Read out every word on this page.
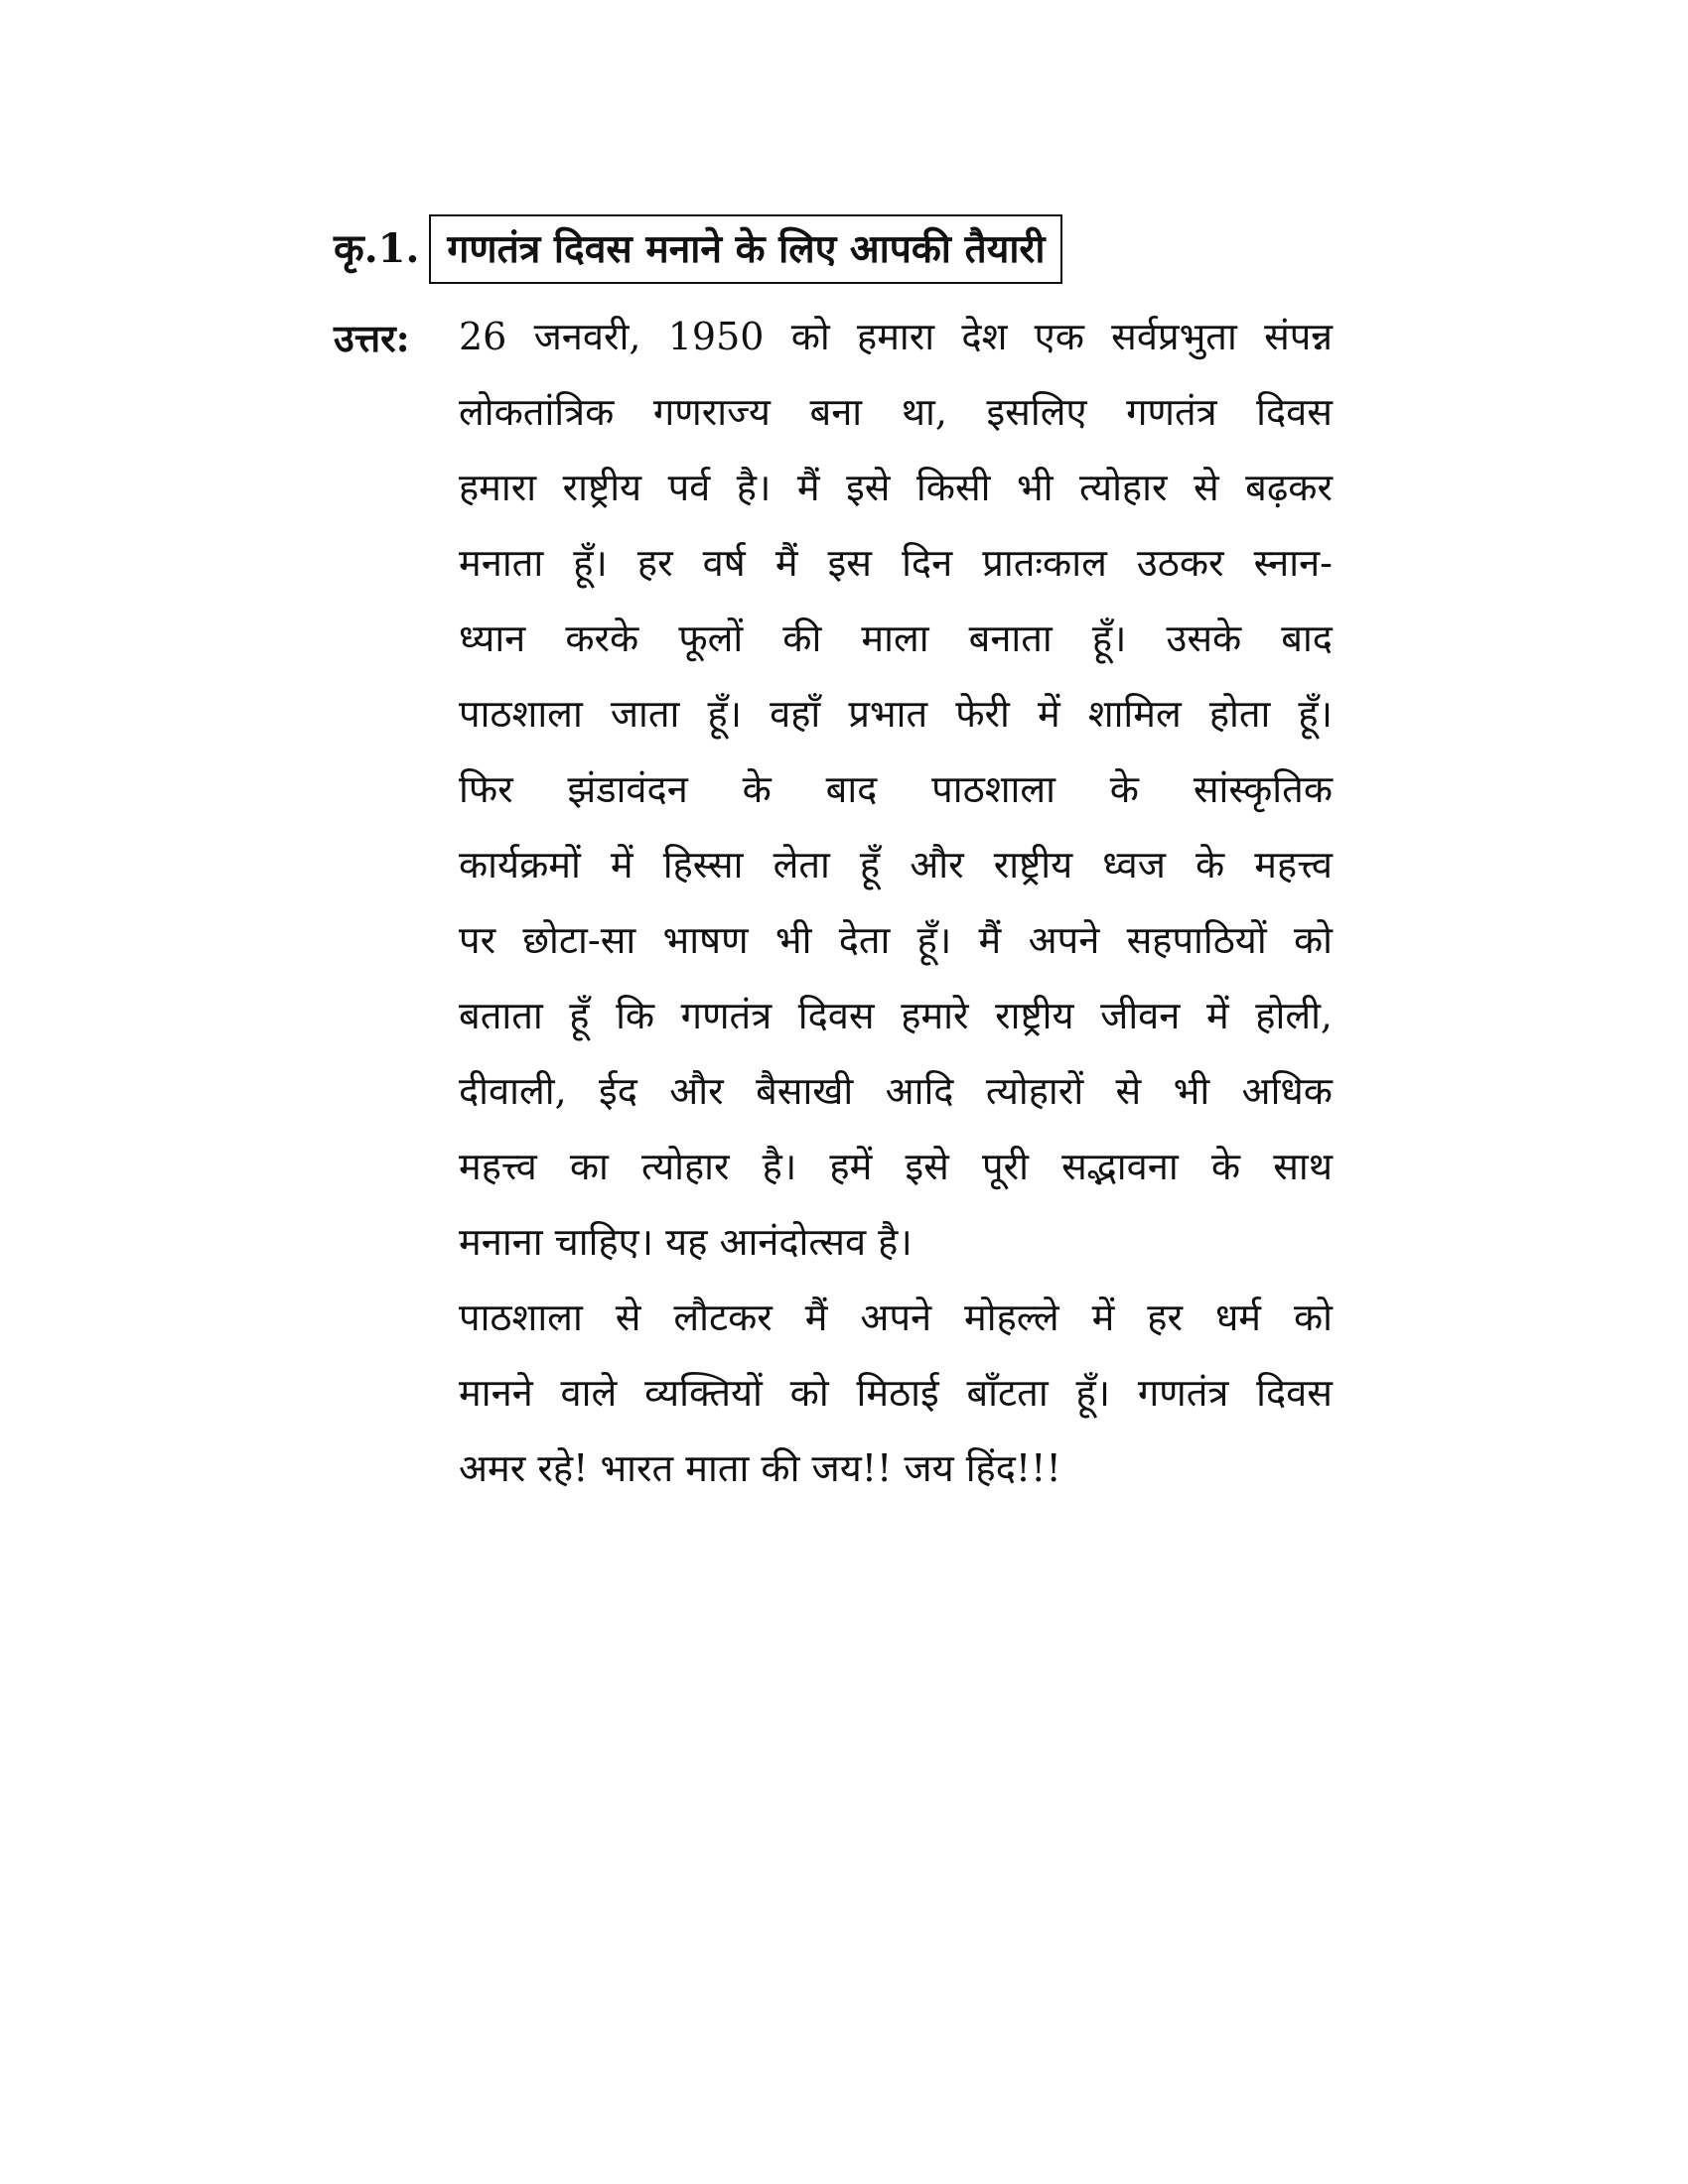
कृ.1. गणतंत्र दिवस मनाने के लिए आपकी तैयारी
उत्तर: 26 जनवरी, 1950 को हमारा देश एक सर्वप्रभुता संपन्न
लोकतांत्रिक गणराज्य बना था, इसलिए गणतंत्र दिवस
हमारा राष्ट्रीय पर्व है। मैं इसे किसी भी त्योहार से बढ़कर
मनाता हूँ। हर वर्ष मैं इस दिन प्रातःकाल उठकर स्नान-
ध्यान करके फूलों की माला बनाता हूँ। उसके बाद
पाठशाला जाता हूँ। वहाँ प्रभात फेरी में शामिल होता हूँ।
फिर झंडावंदन के बाद पाठशाला के सांस्कृतिक
कार्यक्रमों में हिस्सा लेता हूँ और राष्ट्रीय ध्वज के महत्त्व
पर छोटा-सा भाषण भी देता हूँ। मैं अपने सहपाठियों को
बताता हूँ कि गणतंत्र दिवस हमारे राष्ट्रीय जीवन में होली,
दीवाली, ईद और बैसाखी आदि त्योहारों से भी अधिक
महत्त्व का त्योहार है। हमें इसे पूरी सद्भावना के साथ
मनाना चाहिए। यह आनंदोत्सव है।
पाठशाला से लौटकर मैं अपने मोहल्ले में हर धर्म को
मानने वाले व्यक्तियों को मिठाई बाँटता हूँ। गणतंत्र दिवस
अमर रहे! भारत माता की जय!! जय हिंद!!!
